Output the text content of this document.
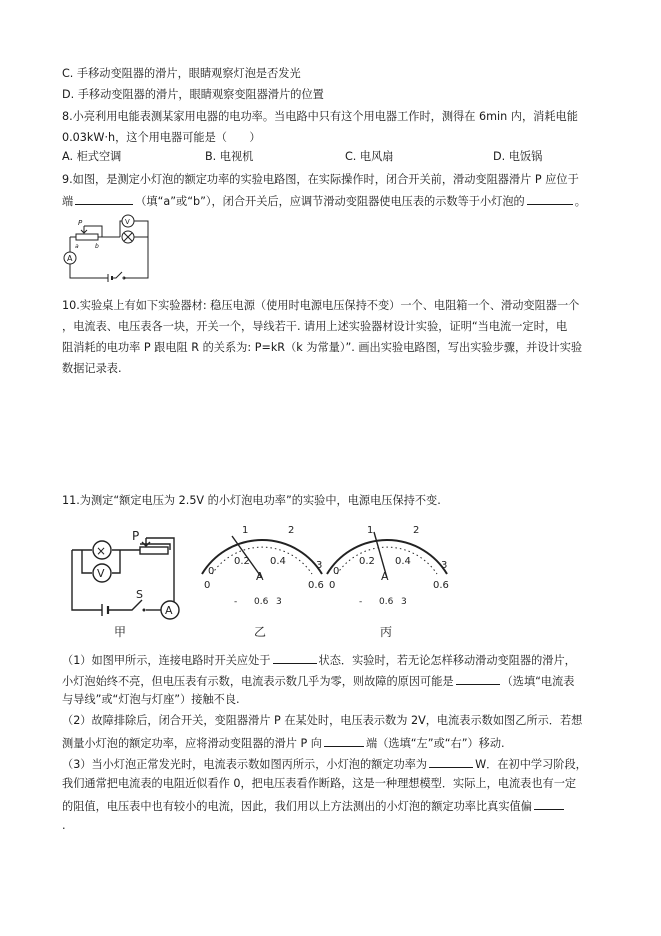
C. 手移动变阻器的滑片，眼睛观察灯泡是否发光
D. 手移动变阻器的滑片，眼睛观察变阻器滑片的位置
8.小亮利用电能表测某家用电器的电功率。当电路中只有这个用电器工作时，测得在 6min 内，消耗电能
0.03kW·h，这个用电器可能是（　　）
A. 柜式空调	B. 电视机	C. 电风扇	D. 电饭锅
9.如图，是测定小灯泡的额定功率的实验电路图，在实际操作时，闭合开关前，滑动变阻器滑片 P 应位于
端	（填“a”或“b”），闭合开关后，应调节滑动变阻器使电压表的示数等于小灯泡的	。
A
V
P
a	b
10.实验桌上有如下实验器材: 稳压电源（使用时电源电压保持不变）一个、电阻箱一个、滑动变阻器一个
，电流表、电压表各一块，开关一个，导线若干. 请用上述实验器材设计实验，证明“当电流一定时，电
阻消耗的电功率 P 跟电阻 R 的关系为: P=kR（k 为常量）”. 画出实验电路图，写出实验步骤，并设计实验
数据记录表.
11.为测定“额定电压为 2.5V 的小灯泡电功率”的实验中，电源电压保持不变.
×
V
P
S
A
甲
0
1	2
3
0
0.2 0.4
0.6
A
- 0.6 3
乙
0
1	2
3
0
0.2 0.4
0.6
A
- 0.6 3
丙
（1）如图甲所示，连接电路时开关应处于	状态．实验时，若无论怎样移动滑动变阻器的滑片，
小灯泡始终不亮，但电压表有示数，电流表示数几乎为零，则故障的原因可能是	（选填“电流表
与导线”或“灯泡与灯座”）接触不良.
（2）故障排除后，闭合开关，变阻器滑片 P 在某处时，电压表示数为 2V，电流表示数如图乙所示．若想
测量小灯泡的额定功率，应将滑动变阻器的滑片 P 向	端（选填“左”或“右”）移动.
（3）当小灯泡正常发光时，电流表示数如图丙所示，小灯泡的额定功率为	W．在初中学习阶段，
我们通常把电流表的电阻近似看作 0，把电压表看作断路，这是一种理想模型．实际上，电流表也有一定
的阻值，电压表中也有较小的电流，因此，我们用以上方法测出的小灯泡的额定功率比真实值偏
.
